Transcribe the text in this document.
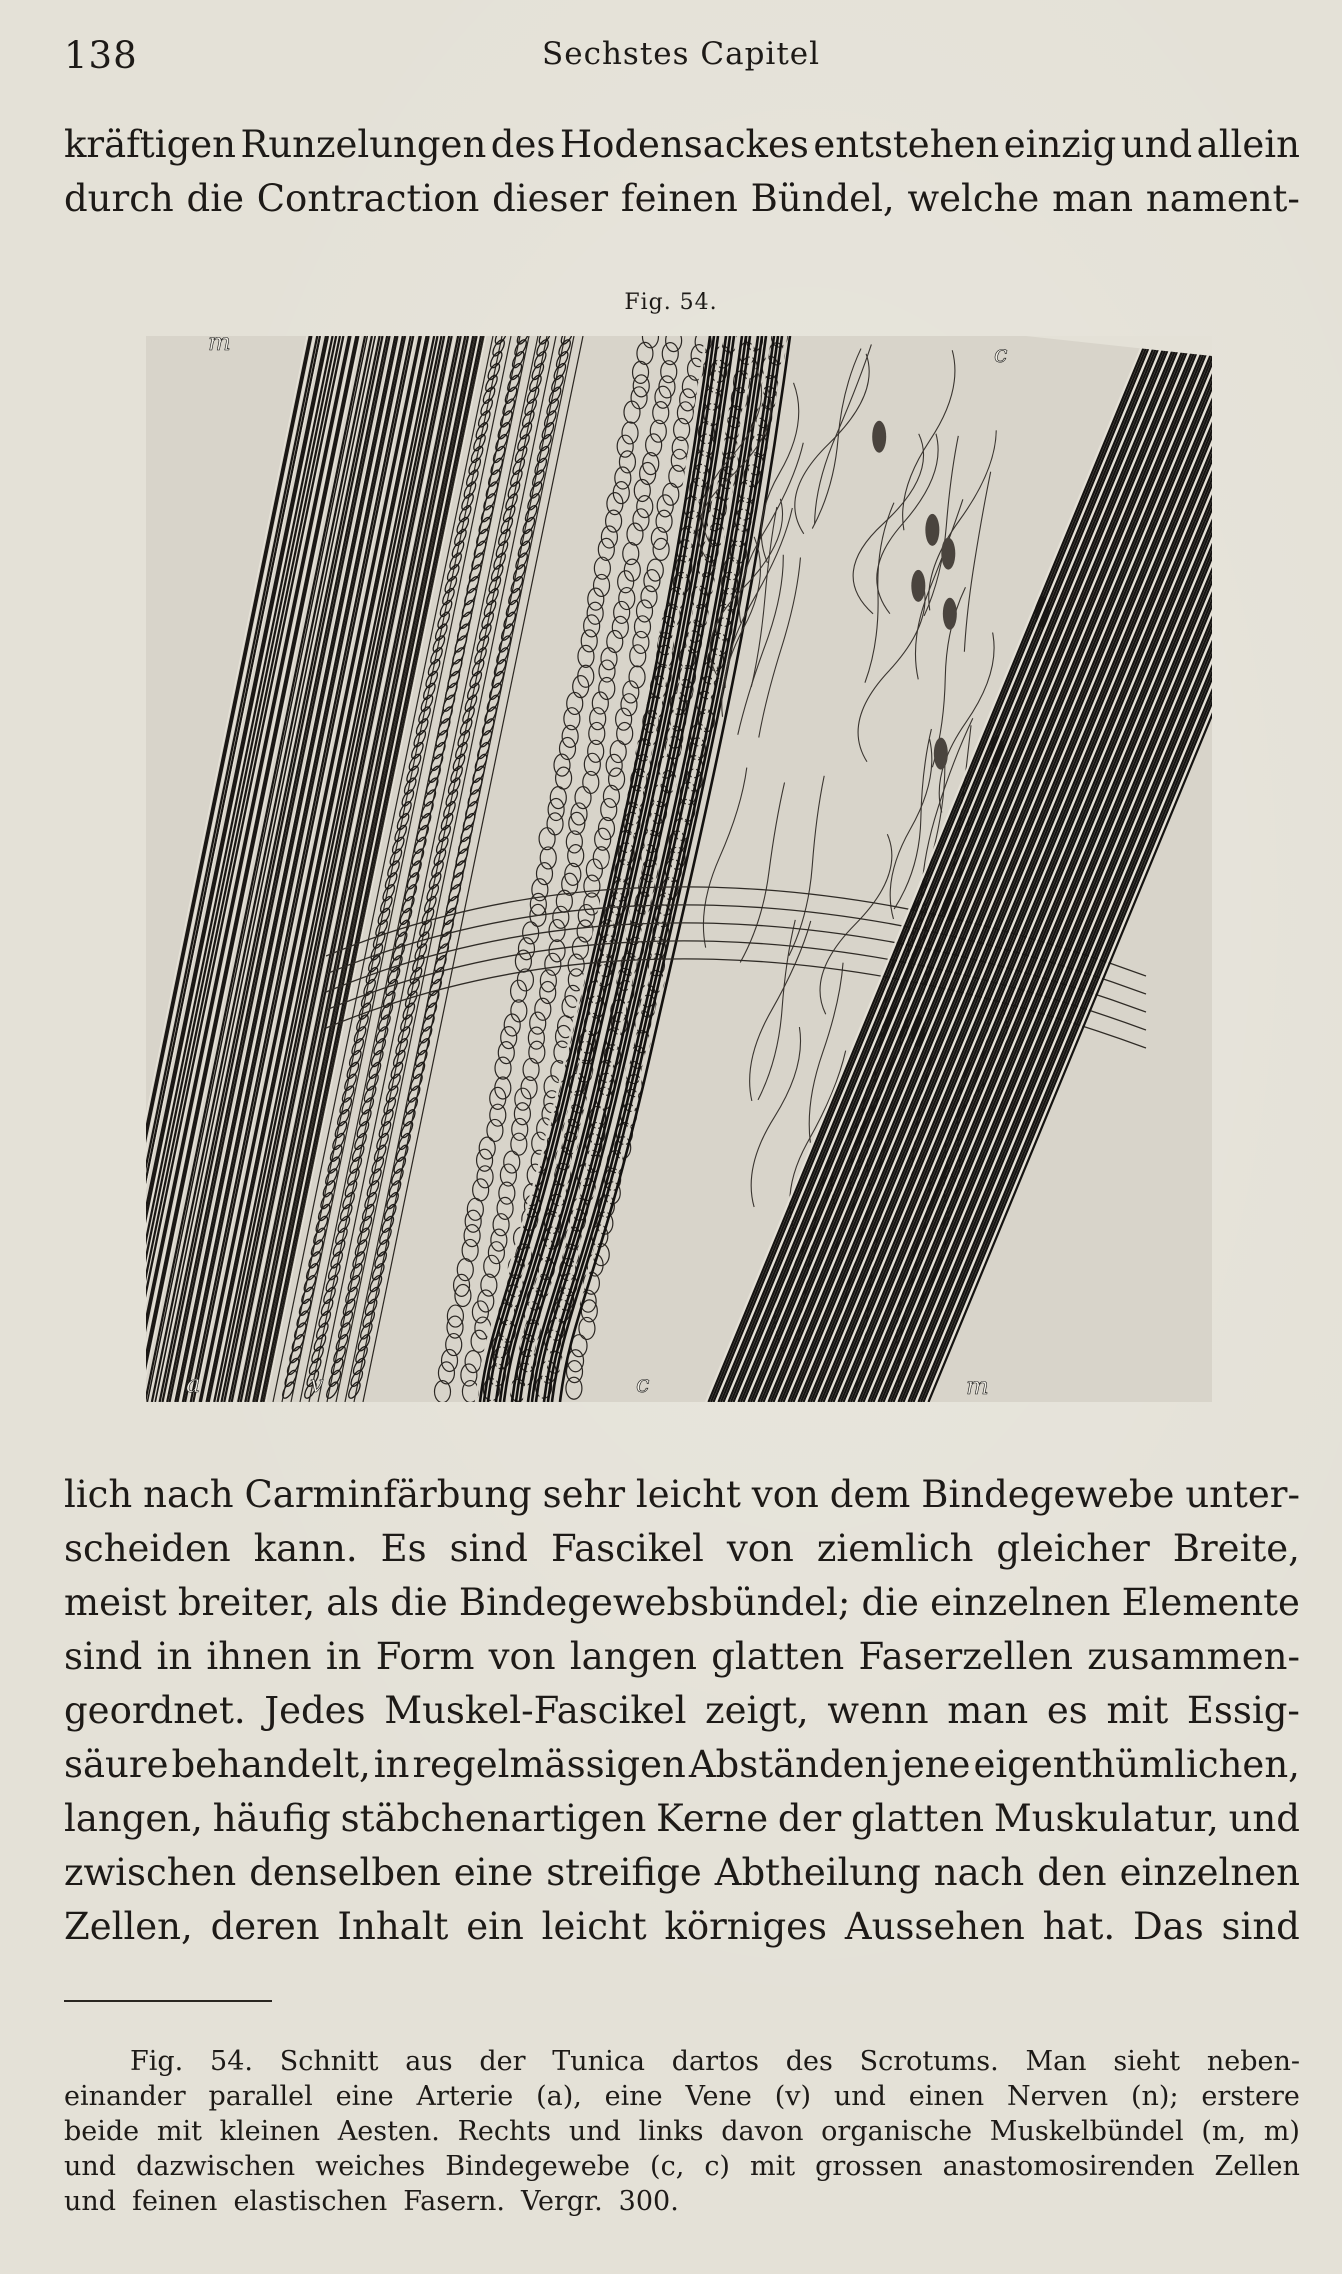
138	Sechstes Capitel
kräftigen Runzelungen des Hodensackes entstehen einzig und allein
durch die Contraction dieser feinen Bündel, welche man nament-
Fig. 54.
m	c
a	v	c	m
lich nach Carminfärbung sehr leicht von dem Bindegewebe unter-
scheiden kann. Es sind Fascikel von ziemlich gleicher Breite,
meist breiter, als die Bindegewebsbündel; die einzelnen Elemente
sind in ihnen in Form von langen glatten Faserzellen zusammen-
geordnet. Jedes Muskel-Fascikel zeigt, wenn man es mit Essig-
säure behandelt, in regelmässigen Abständen jene eigenthümlichen,
langen, häufig stäbchenartigen Kerne der glatten Muskulatur, und
zwischen denselben eine streifige Abtheilung nach den einzelnen
Zellen, deren Inhalt ein leicht körniges Aussehen hat. Das sind
Fig. 54. Schnitt aus der Tunica dartos des Scrotums. Man sieht neben-
einander parallel eine Arterie (a), eine Vene (v) und einen Nerven (n); erstere
beide mit kleinen Aesten. Rechts und links davon organische Muskelbündel (m, m)
und dazwischen weiches Bindegewebe (c, c) mit grossen anastomosirenden Zellen
und feinen elastischen Fasern. Vergr. 300.
